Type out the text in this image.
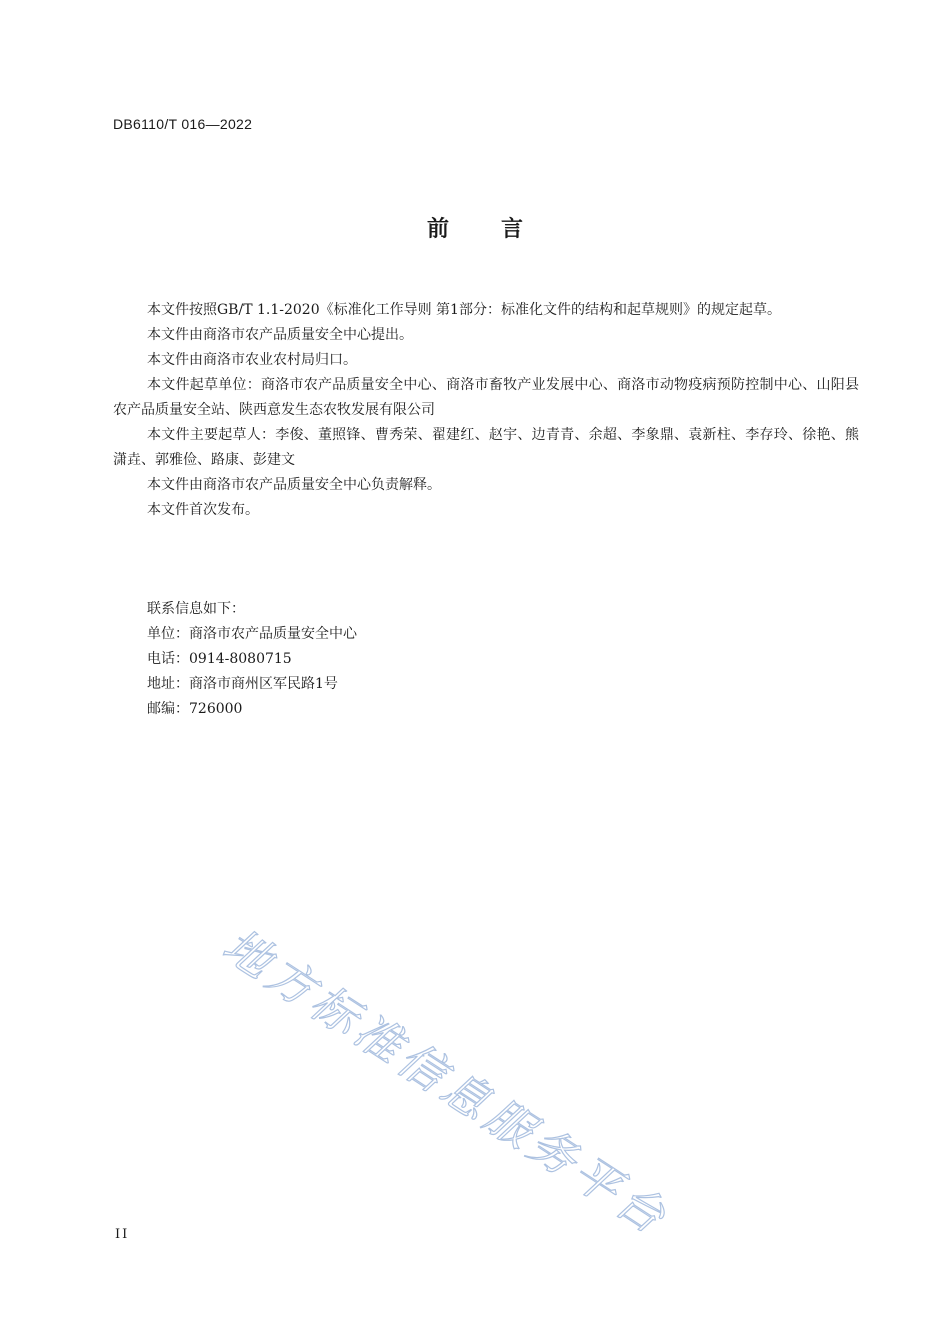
DB6110/T 016—2022
前 言

本文件按照GB/T 1.1-2020《标准化工作导则 第1部分：标准化文件的结构和起草规则》的规定起草。

本文件由商洛市农产品质量安全中心提出。

本文件由商洛市农业农村局归口。

本文件起草单位：商洛市农产品质量安全中心、商洛市畜牧产业发展中心、商洛市动物疫病预防控制中心、山阳县农产品质量安全站、陕西意发生态农牧发展有限公司

本文件主要起草人：李俊、董照锋、曹秀荣、翟建红、赵宇、边青青、余超、李象鼎、袁新柱、李存玲、徐艳、熊潇垚、郭雅俭、路康、彭建文

本文件由商洛市农产品质量安全中心负责解释。

本文件首次发布。

联系信息如下：
单位：商洛市农产品质量安全中心
电话：0914-8080715
地址：商洛市商州区军民路1号
邮编：726000
地方标准信息服务平台
II
